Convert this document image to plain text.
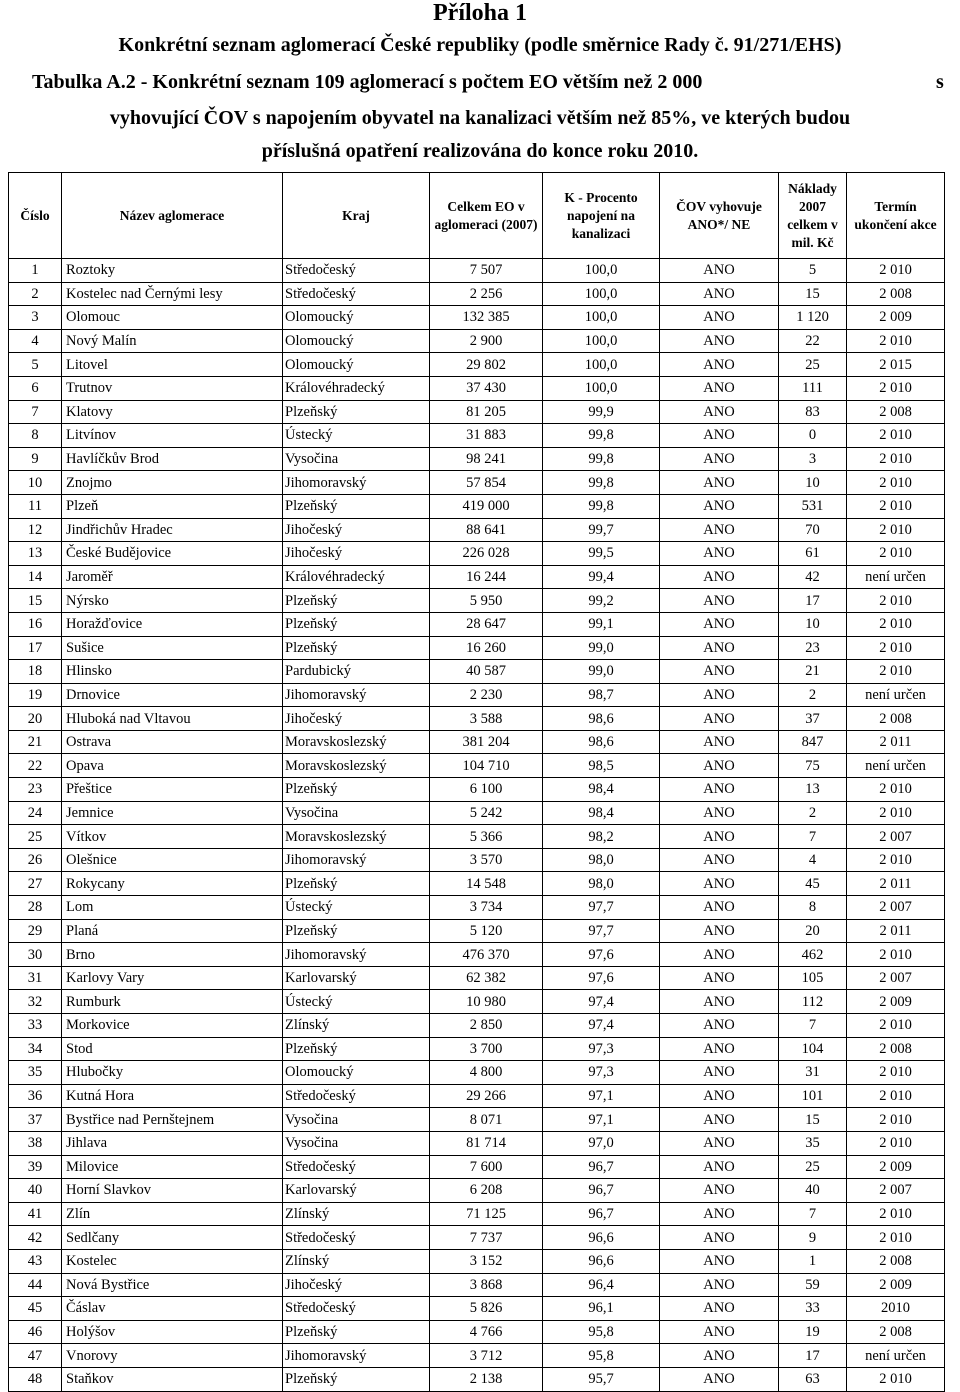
Příloha 1
Konkrétní seznam aglomerací České republiky (podle směrnice Rady č. 91/271/EHS)
Tabulka A.2 - Konkrétní seznam 109 aglomerací s počtem EO větším než 2 000	s
vyhovující ČOV s napojením obyvatel na kanalizaci větším než 85%, ve kterých budou
příslušná opatření realizována do konce roku 2010.
Číslo	Název aglomerace	Kraj	Celkem EO v aglomeraci (2007)	K - Procento napojení na kanalizaci	ČOV vyhovuje ANO*/ NE	Náklady 2007 celkem v mil. Kč	Termín ukončení akce
1	Roztoky	Středočeský	7 507	100,0	ANO	5	2 010
2	Kostelec nad Černými lesy	Středočeský	2 256	100,0	ANO	15	2 008
3	Olomouc	Olomoucký	132 385	100,0	ANO	1 120	2 009
4	Nový Malín	Olomoucký	2 900	100,0	ANO	22	2 010
5	Litovel	Olomoucký	29 802	100,0	ANO	25	2 015
6	Trutnov	Královéhradecký	37 430	100,0	ANO	111	2 010
7	Klatovy	Plzeňský	81 205	99,9	ANO	83	2 008
8	Litvínov	Ústecký	31 883	99,8	ANO	0	2 010
9	Havlíčkův Brod	Vysočina	98 241	99,8	ANO	3	2 010
10	Znojmo	Jihomoravský	57 854	99,8	ANO	10	2 010
11	Plzeň	Plzeňský	419 000	99,8	ANO	531	2 010
12	Jindřichův Hradec	Jihočeský	88 641	99,7	ANO	70	2 010
13	České Budějovice	Jihočeský	226 028	99,5	ANO	61	2 010
14	Jaroměř	Královéhradecký	16 244	99,4	ANO	42	není určen
15	Nýrsko	Plzeňský	5 950	99,2	ANO	17	2 010
16	Horažďovice	Plzeňský	28 647	99,1	ANO	10	2 010
17	Sušice	Plzeňský	16 260	99,0	ANO	23	2 010
18	Hlinsko	Pardubický	40 587	99,0	ANO	21	2 010
19	Drnovice	Jihomoravský	2 230	98,7	ANO	2	není určen
20	Hluboká nad Vltavou	Jihočeský	3 588	98,6	ANO	37	2 008
21	Ostrava	Moravskoslezský	381 204	98,6	ANO	847	2 011
22	Opava	Moravskoslezský	104 710	98,5	ANO	75	není určen
23	Přeštice	Plzeňský	6 100	98,4	ANO	13	2 010
24	Jemnice	Vysočina	5 242	98,4	ANO	2	2 010
25	Vítkov	Moravskoslezský	5 366	98,2	ANO	7	2 007
26	Olešnice	Jihomoravský	3 570	98,0	ANO	4	2 010
27	Rokycany	Plzeňský	14 548	98,0	ANO	45	2 011
28	Lom	Ústecký	3 734	97,7	ANO	8	2 007
29	Planá	Plzeňský	5 120	97,7	ANO	20	2 011
30	Brno	Jihomoravský	476 370	97,6	ANO	462	2 010
31	Karlovy Vary	Karlovarský	62 382	97,6	ANO	105	2 007
32	Rumburk	Ústecký	10 980	97,4	ANO	112	2 009
33	Morkovice	Zlínský	2 850	97,4	ANO	7	2 010
34	Stod	Plzeňský	3 700	97,3	ANO	104	2 008
35	Hlubočky	Olomoucký	4 800	97,3	ANO	31	2 010
36	Kutná Hora	Středočeský	29 266	97,1	ANO	101	2 010
37	Bystřice nad Pernštejnem	Vysočina	8 071	97,1	ANO	15	2 010
38	Jihlava	Vysočina	81 714	97,0	ANO	35	2 010
39	Milovice	Středočeský	7 600	96,7	ANO	25	2 009
40	Horní Slavkov	Karlovarský	6 208	96,7	ANO	40	2 007
41	Zlín	Zlínský	71 125	96,7	ANO	7	2 010
42	Sedlčany	Středočeský	7 737	96,6	ANO	9	2 010
43	Kostelec	Zlínský	3 152	96,6	ANO	1	2 008
44	Nová Bystřice	Jihočeský	3 868	96,4	ANO	59	2 009
45	Čáslav	Středočeský	5 826	96,1	ANO	33	2010
46	Holýšov	Plzeňský	4 766	95,8	ANO	19	2 008
47	Vnorovy	Jihomoravský	3 712	95,8	ANO	17	není určen
48	Staňkov	Plzeňský	2 138	95,7	ANO	63	2 010
